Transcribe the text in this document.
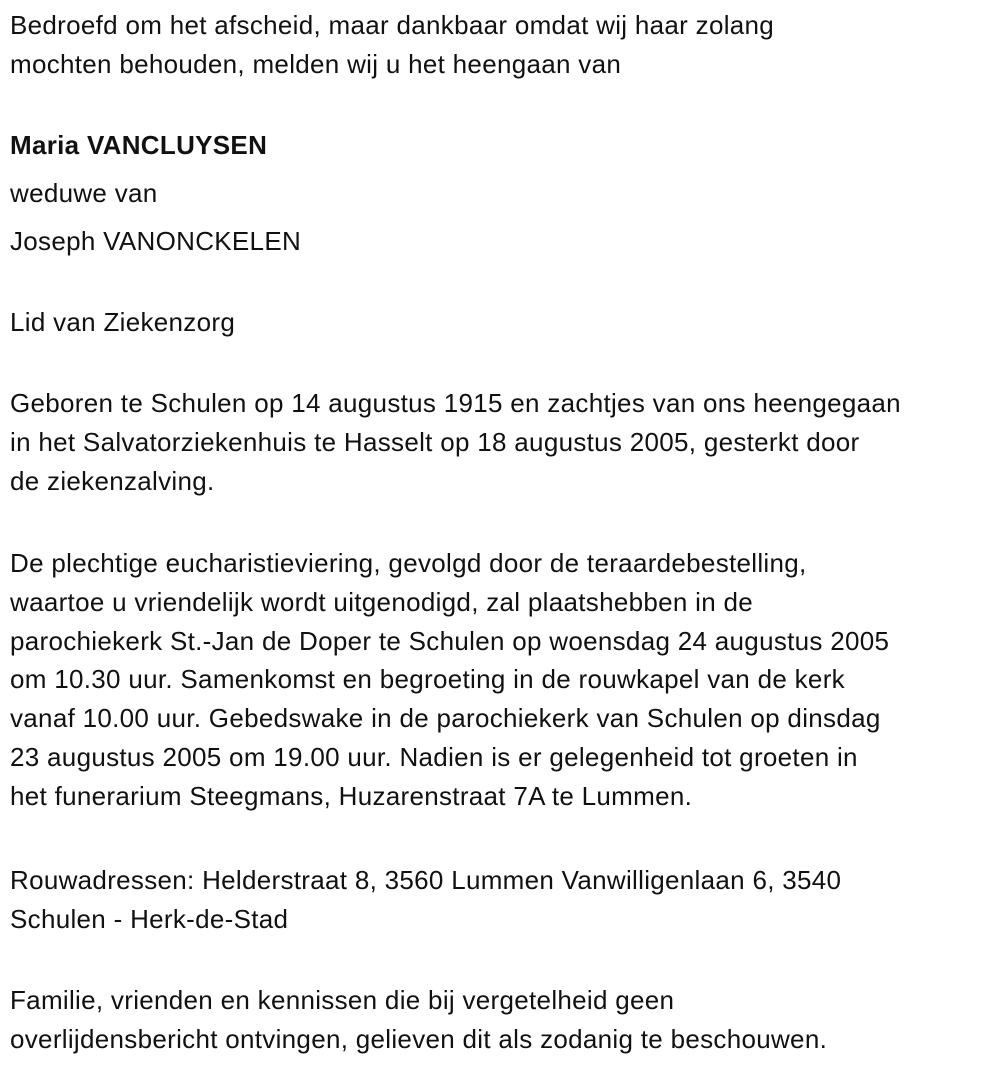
Bedroefd om het afscheid, maar dankbaar omdat wij haar zolang
mochten behouden, melden wij u het heengaan van
Maria VANCLUYSEN
weduwe van
Joseph VANONCKELEN
Lid van Ziekenzorg
Geboren te Schulen op 14 augustus 1915 en zachtjes van ons heengegaan
in het Salvatorziekenhuis te Hasselt op 18 augustus 2005, gesterkt door
de ziekenzalving.
De plechtige eucharistieviering, gevolgd door de teraardebestelling,
waartoe u vriendelijk wordt uitgenodigd, zal plaatshebben in de
parochiekerk St.-Jan de Doper te Schulen op woensdag 24 augustus 2005
om 10.30 uur. Samenkomst en begroeting in de rouwkapel van de kerk
vanaf 10.00 uur. Gebedswake in de parochiekerk van Schulen op dinsdag
23 augustus 2005 om 19.00 uur. Nadien is er gelegenheid tot groeten in
het funerarium Steegmans, Huzarenstraat 7A te Lummen.
Rouwadressen: Helderstraat 8, 3560 Lummen Vanwilligenlaan 6, 3540
Schulen - Herk-de-Stad
Familie, vrienden en kennissen die bij vergetelheid geen
overlijdensbericht ontvingen, gelieven dit als zodanig te beschouwen.
